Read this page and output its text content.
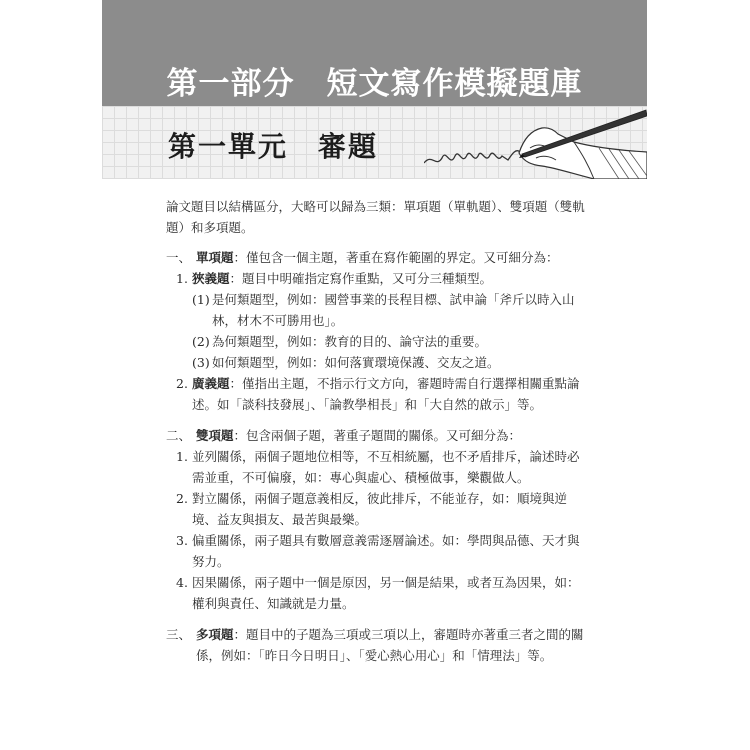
第一部分　短文寫作模擬題庫
第一單元　審題

論文題目以結構區分，大略可以歸為三類：單項題（單軌題）、雙項題（雙軌題）和多項題。

一、 單項題：僅包含一個主題，著重在寫作範圍的界定。又可細分為：
1. 狹義題：題目中明確指定寫作重點，又可分三種類型。
(1) 是何類題型，例如：國營事業的長程目標、試申論「斧斤以時入山林，材木不可勝用也」。
(2) 為何類題型，例如：教育的目的、論守法的重要。
(3) 如何類題型，例如：如何落實環境保護、交友之道。
2. 廣義題：僅指出主題，不指示行文方向，審題時需自行選擇相關重點論述。如「談科技發展」、「論教學相長」和「大自然的啟示」等。
二、 雙項題：包含兩個子題，著重子題間的關係。又可細分為：
1. 並列關係，兩個子題地位相等，不互相統屬，也不矛盾排斥，論述時必需並重，不可偏廢，如：專心與虛心、積極做事，樂觀做人。
2. 對立關係，兩個子題意義相反，彼此排斥，不能並存，如：順境與逆境、益友與損友、最苦與最樂。
3. 偏重關係，兩子題具有數層意義需逐層論述。如：學問與品德、天才與努力。
4. 因果關係，兩子題中一個是原因，另一個是結果，或者互為因果，如：權利與責任、知識就是力量。
三、 多項題：題目中的子題為三項或三項以上，審題時亦著重三者之間的關係，例如：「昨日今日明日」、「愛心熱心用心」和「情理法」等。
